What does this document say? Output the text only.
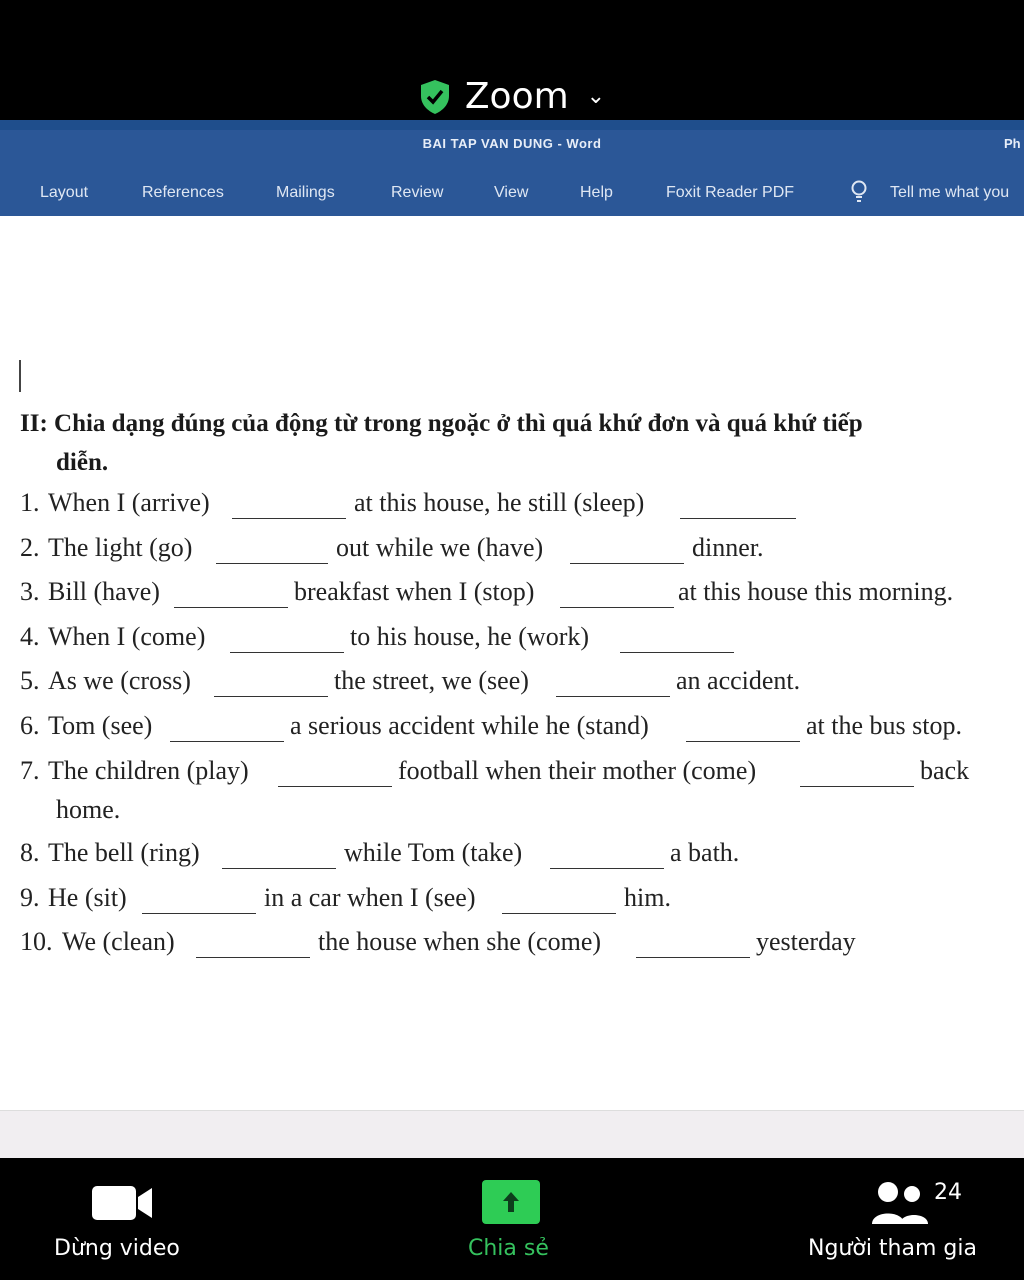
Zoom ⌄
BAI TAP VAN DUNG - Word	Ph
Layout	References	Mailings	Review	View	Help	Foxit Reader PDF	Tell me what you
II: Chia dạng đúng của động từ trong ngoặc ở thì quá khứ đơn và quá khứ tiếp
diễn.
1. When I (arrive)	at this house, he still (sleep)
2. The light (go)	out while we (have)	dinner.
3. Bill (have)	breakfast when I (stop)	at this house this morning.
4. When I (come)	to his house, he (work)
5. As we (cross)	the street, we (see)	an accident.
6. Tom (see)	a serious accident while he (stand)	at the bus stop.
7. The children (play)	football when their mother (come)	back
home.
8. The bell (ring)	while Tom (take)	a bath.
9. He (sit)	in a car when I (see)	him.
10. We (clean)	the house when she (come)	yesterday
Dừng video	Chia sẻ
24
Người tham gia
